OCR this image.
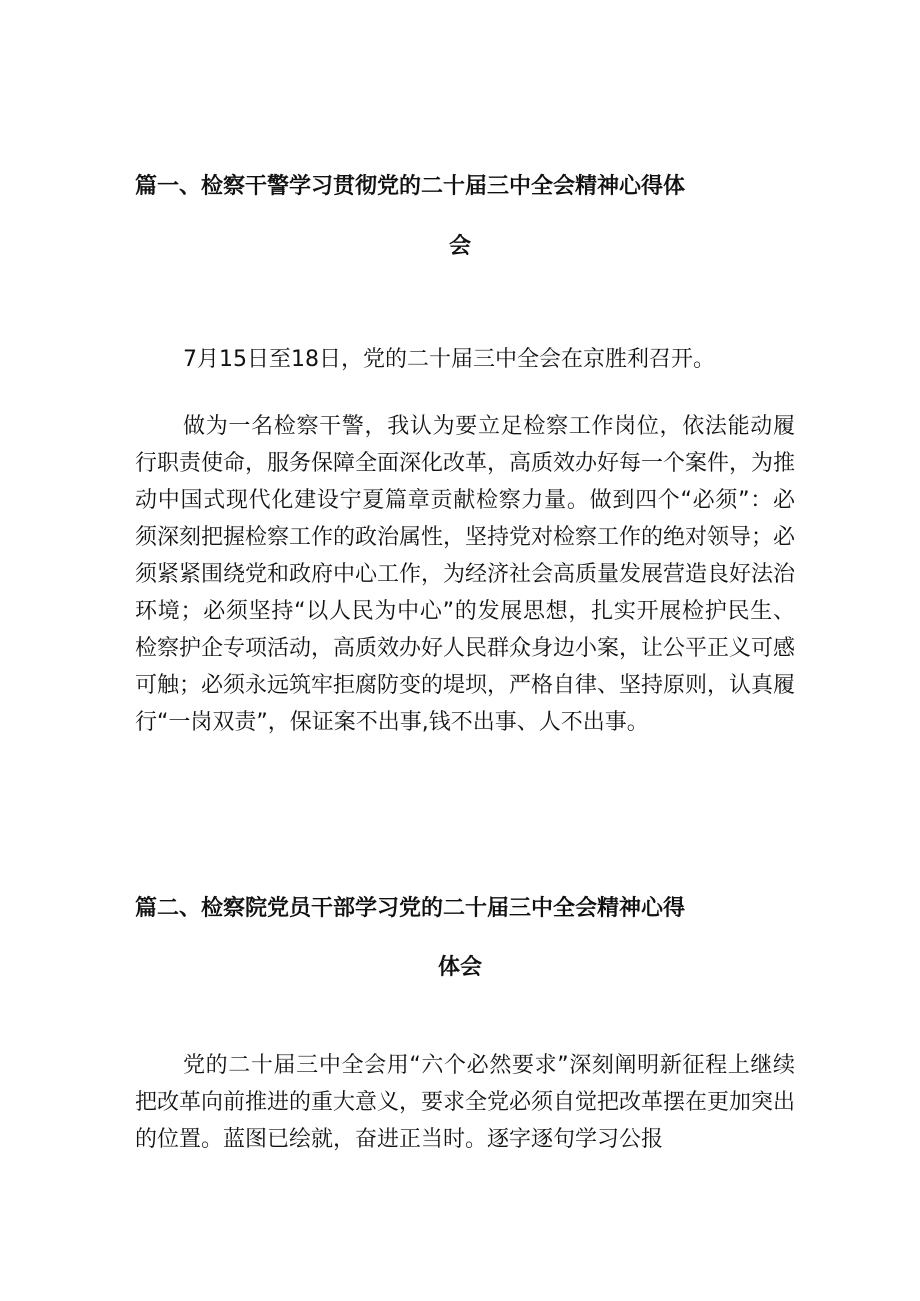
篇一、检察干警学习贯彻党的二十届三中全会精神心得体
会
7月15日至18日，党的二十届三中全会在京胜利召开。
做为一名检察干警，我认为要立足检察工作岗位，依法能动履行职责使命，服务保障全面深化改革，高质效办好每一个案件，为推动中国式现代化建设宁夏篇章贡献检察力量。做到四个“必须”：必须深刻把握检察工作的政治属性，坚持党对检察工作的绝对领导；必须紧紧围绕党和政府中心工作，为经济社会高质量发展营造良好法治环境；必须坚持“以人民为中心”的发展思想，扎实开展检护民生、检察护企专项活动，高质效办好人民群众身边小案，让公平正义可感可触；必须永远筑牢拒腐防变的堤坝，严格自律、坚持原则，认真履行“一岗双责”，保证案不出事,钱不出事、人不出事。
篇二、检察院党员干部学习党的二十届三中全会精神心得
体会
党的二十届三中全会用“六个必然要求”深刻阐明新征程上继续把改革向前推进的重大意义，要求全党必须自觉把改革摆在更加突出的位置。蓝图已绘就，奋进正当时。逐字逐句学习公报
